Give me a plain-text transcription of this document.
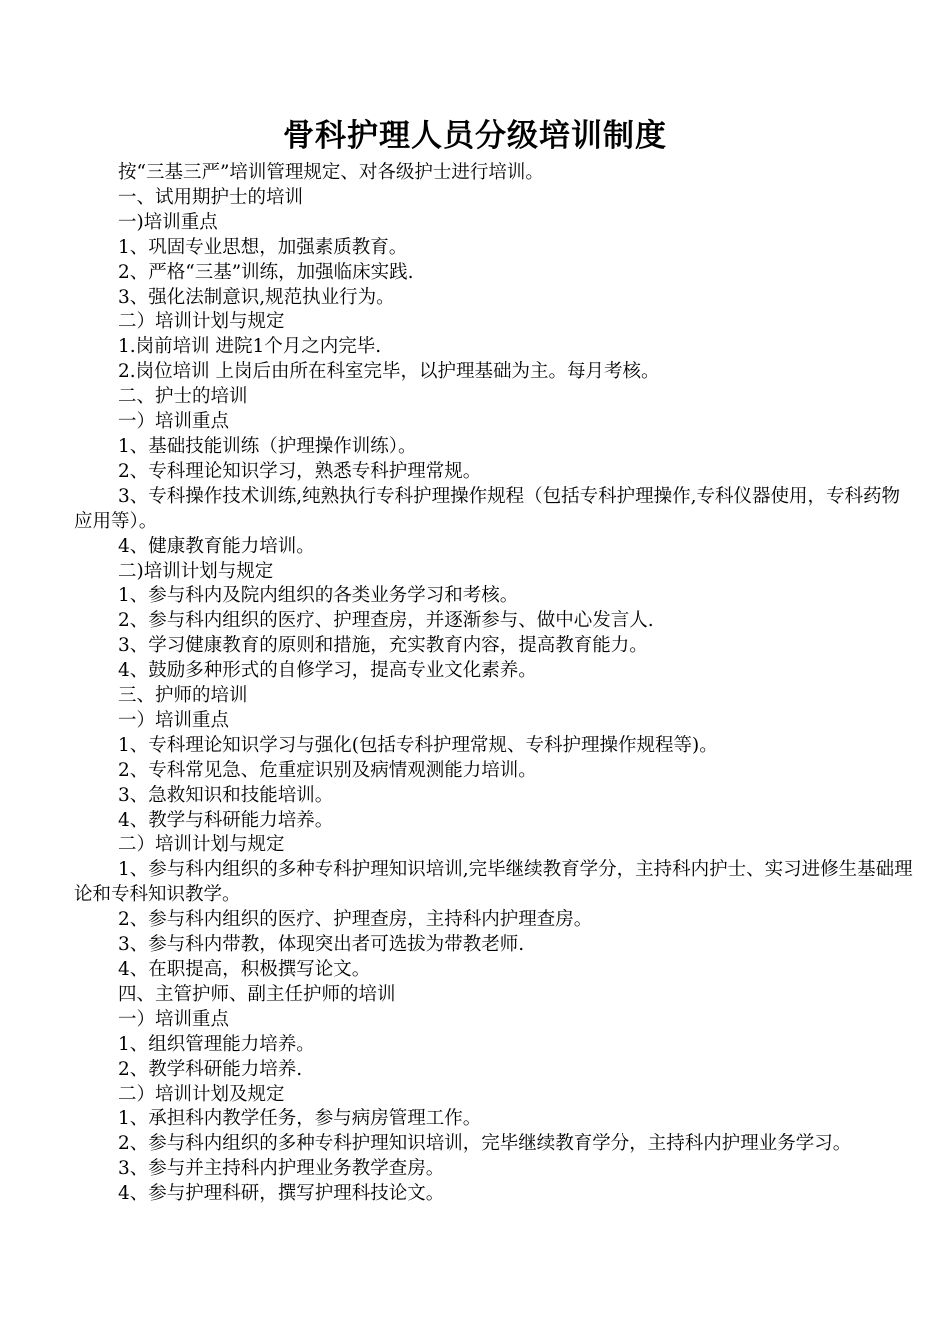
骨科护理人员分级培训制度

按“三基三严”培训管理规定、对各级护士进行培训。

一、试用期护士的培训

一)培训重点

1、巩固专业思想，加强素质教育。

2、严格“三基”训练，加强临床实践.

3、强化法制意识,规范执业行为。

二）培训计划与规定

1.岗前培训 进院1个月之内完毕.

2.岗位培训 上岗后由所在科室完毕，以护理基础为主。每月考核。

二、护士的培训

一）培训重点

1、基础技能训练（护理操作训练）。

2、专科理论知识学习，熟悉专科护理常规。

3、专科操作技术训练,纯熟执行专科护理操作规程（包括专科护理操作,专科仪器使用，专科药物应用等）。

4、健康教育能力培训。

二)培训计划与规定

1、参与科内及院内组织的各类业务学习和考核。

2、参与科内组织的医疗、护理查房，并逐渐参与、做中心发言人.

3、学习健康教育的原则和措施，充实教育内容，提高教育能力。

4、鼓励多种形式的自修学习，提高专业文化素养。

三、护师的培训

一）培训重点

1、专科理论知识学习与强化(包括专科护理常规、专科护理操作规程等)。

2、专科常见急、危重症识别及病情观测能力培训。

3、急救知识和技能培训。

4、教学与科研能力培养。

二）培训计划与规定

1、参与科内组织的多种专科护理知识培训,完毕继续教育学分，主持科内护士、实习进修生基础理论和专科知识教学。

2、参与科内组织的医疗、护理查房，主持科内护理查房。

3、参与科内带教，体现突出者可选拔为带教老师.

4、在职提高，积极撰写论文。

四、主管护师、副主任护师的培训

一）培训重点

1、组织管理能力培养。

2、教学科研能力培养.

二）培训计划及规定

1、承担科内教学任务，参与病房管理工作。

2、参与科内组织的多种专科护理知识培训，完毕继续教育学分，主持科内护理业务学习。

3、参与并主持科内护理业务教学查房。

4、参与护理科研，撰写护理科技论文。
